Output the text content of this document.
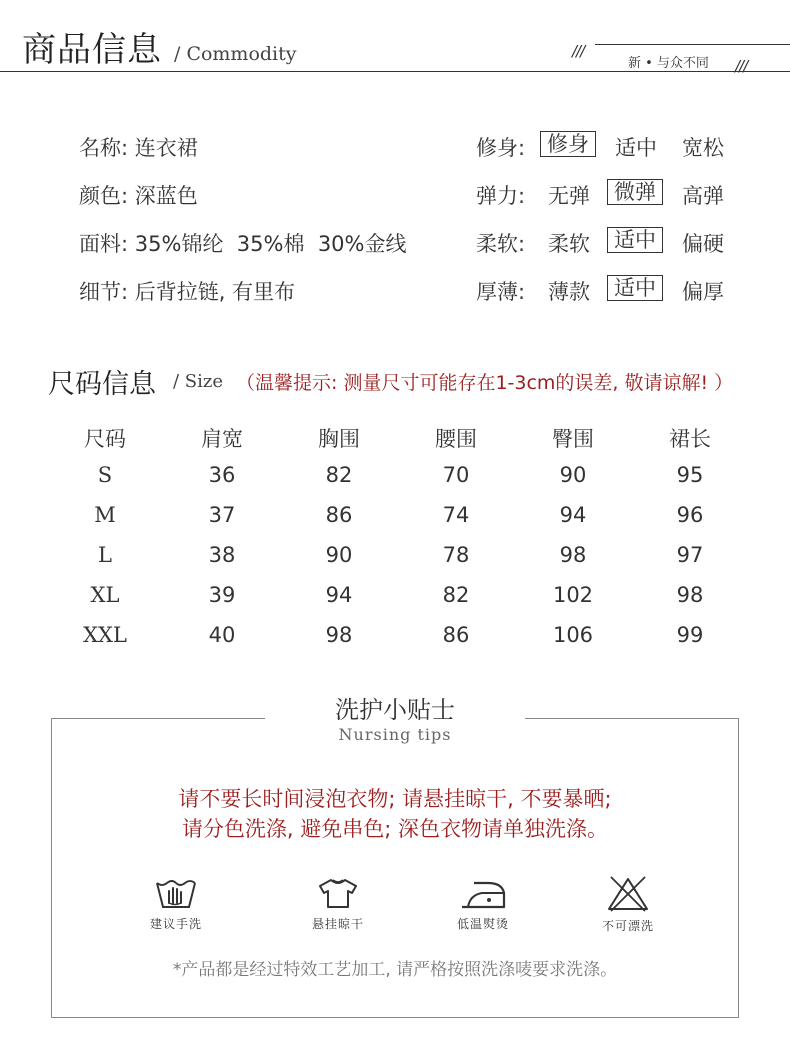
商品信息 / Commodity	///
///
新 • 与众不同
名称: 连衣裙
颜色: 深蓝色
面料: 35%锦纶  35%棉  30%金线
细节: 后背拉链, 有里布
修身:	修身	适中 宽松
弹力: 无弹	微弹	高弹
柔软: 柔软	适中	偏硬
厚薄: 薄款	适中	偏厚
尺码信息 / Size （温馨提示: 测量尺寸可能存在1-3cm的误差, 敬请谅解! ）
尺码	肩宽	胸围	腰围	臀围	裙长
S	36	82	70	90	95
M	37	86	74	94	96
L	38	90	78	98	97
XL	39	94	82	102	98
XXL	40	98	86	106	99
洗护小贴士
Nursing tips
请不要长时间浸泡衣物; 请悬挂晾干, 不要暴晒;
请分色洗涤, 避免串色; 深色衣物请单独洗涤。
建议手洗	悬挂晾干	低温熨烫	不可漂洗
*产品都是经过特效工艺加工, 请严格按照洗涤唛要求洗涤。
